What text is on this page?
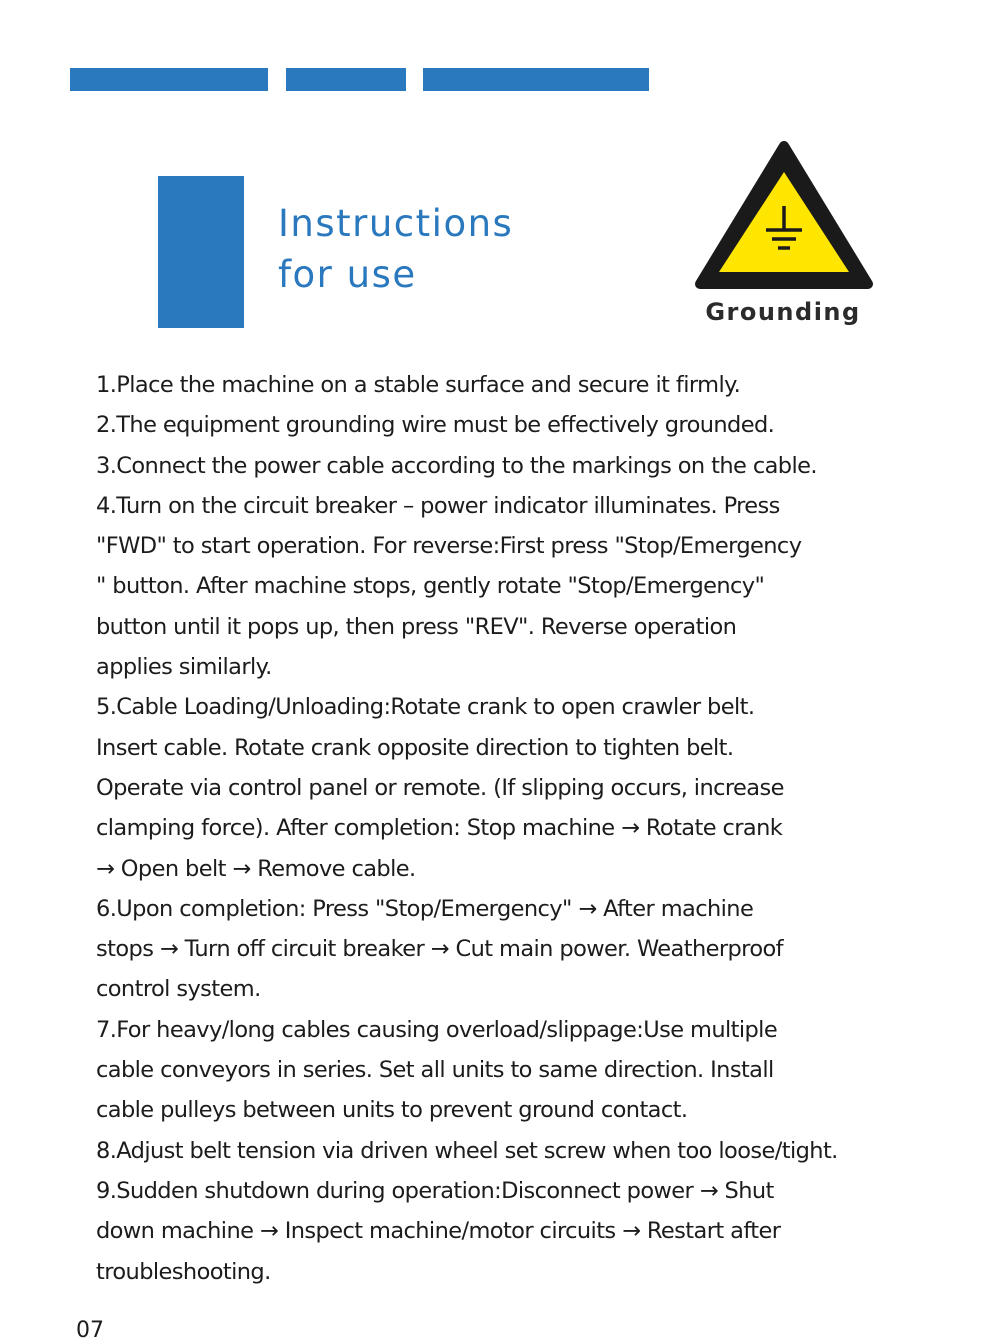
Instructions
for use
Grounding
1.Place the machine on a stable surface and secure it firmly.
2.The equipment grounding wire must be effectively grounded.
3.Connect the power cable according to the markings on the cable.
4.Turn on the circuit breaker – power indicator illuminates. Press
"FWD" to start operation. For reverse:First press "Stop/Emergency
" button. After machine stops, gently rotate "Stop/Emergency"
button until it pops up, then press "REV". Reverse operation
applies similarly.
5.Cable Loading/Unloading:Rotate crank to open crawler belt.
Insert cable. Rotate crank opposite direction to tighten belt.
Operate via control panel or remote. (If slipping occurs, increase
clamping force). After completion: Stop machine → Rotate crank
→ Open belt → Remove cable.
6.Upon completion: Press "Stop/Emergency" → After machine
stops → Turn off circuit breaker → Cut main power. Weatherproof
control system.
7.For heavy/long cables causing overload/slippage:Use multiple
cable conveyors in series. Set all units to same direction. Install
cable pulleys between units to prevent ground contact.
8.Adjust belt tension via driven wheel set screw when too loose/tight.
9.Sudden shutdown during operation:Disconnect power → Shut
down machine → Inspect machine/motor circuits → Restart after
troubleshooting.
07
